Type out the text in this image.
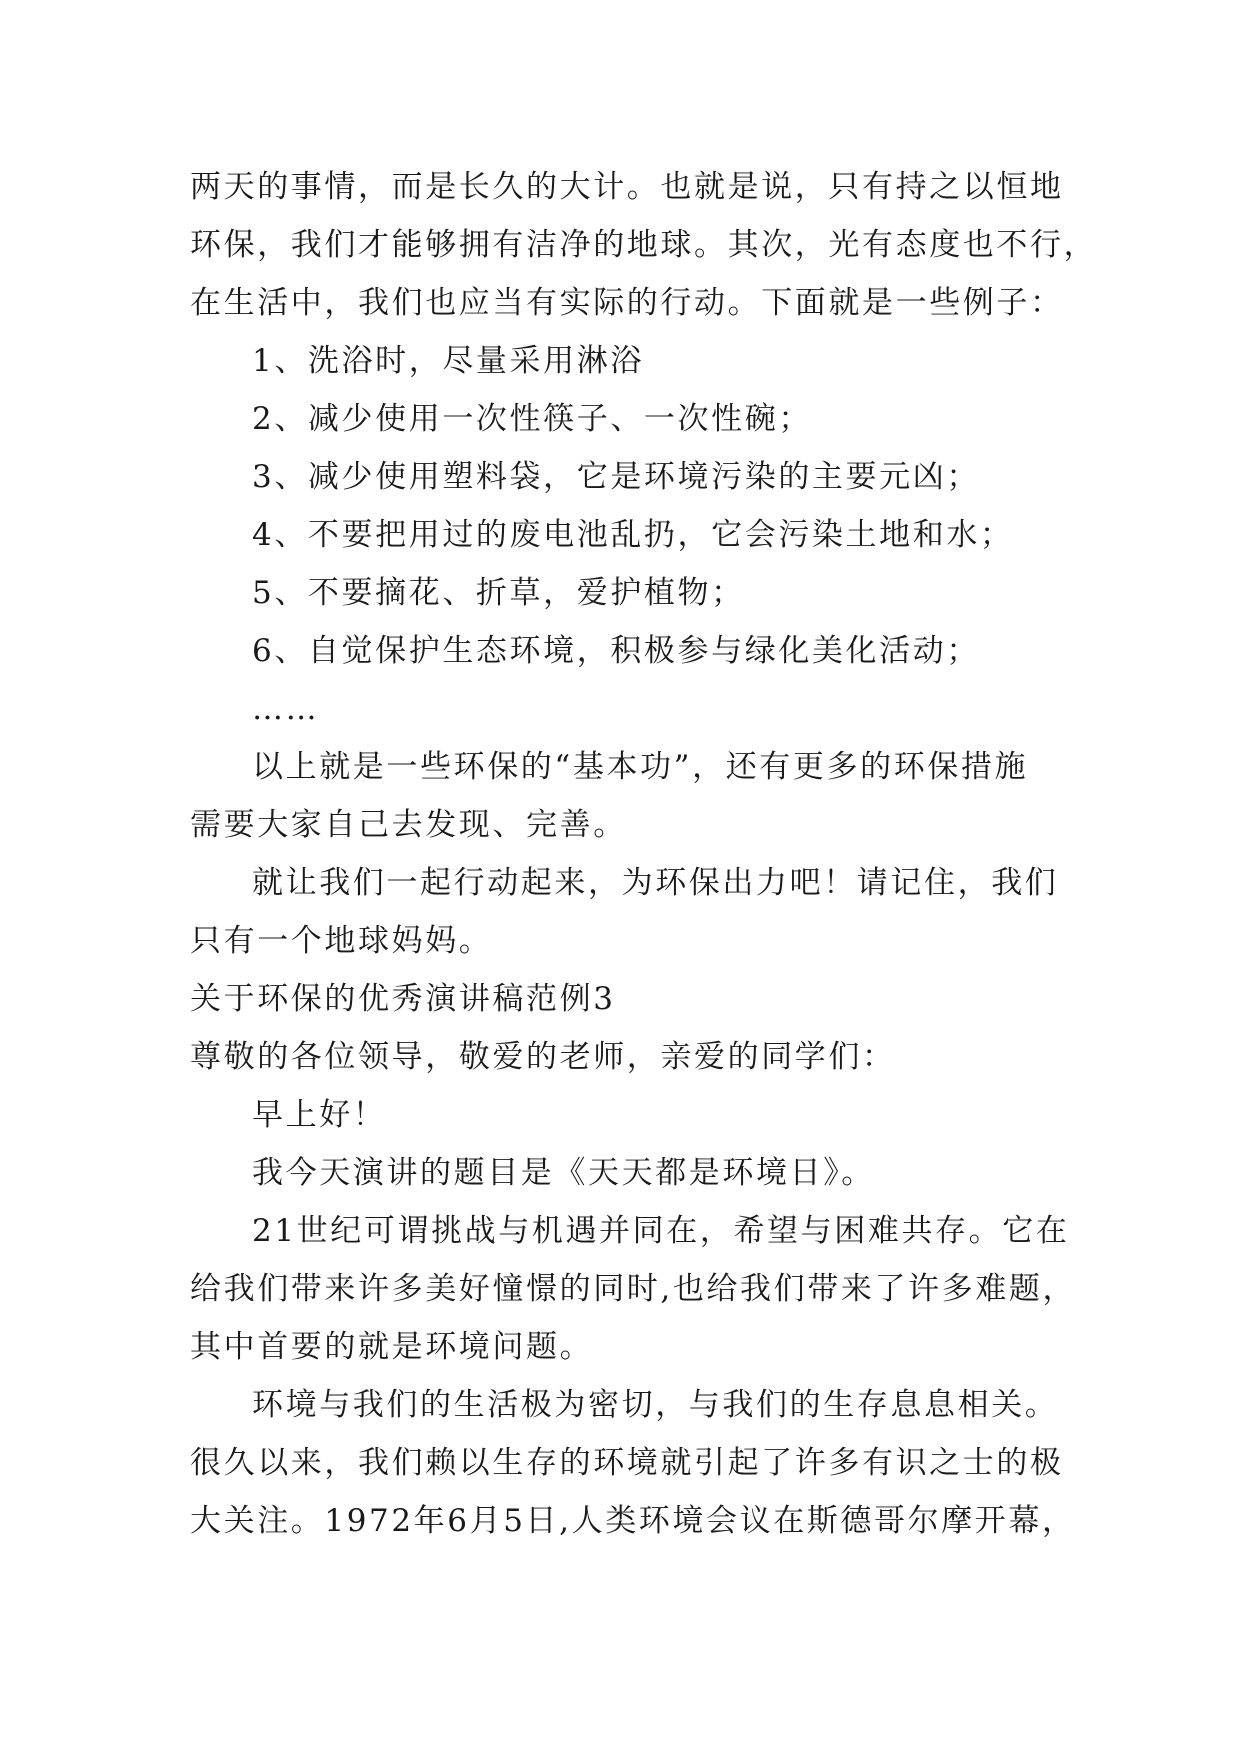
两天的事情，而是长久的大计。也就是说，只有持之以恒地
环保，我们才能够拥有洁净的地球。其次，光有态度也不行，
在生活中，我们也应当有实际的行动。下面就是一些例子：
1、洗浴时，尽量采用淋浴
2、减少使用一次性筷子、一次性碗；
3、减少使用塑料袋，它是环境污染的主要元凶；
4、不要把用过的废电池乱扔，它会污染土地和水；
5、不要摘花、折草，爱护植物；
6、自觉保护生态环境，积极参与绿化美化活动；
……
以上就是一些环保的“基本功”，还有更多的环保措施
需要大家自己去发现、完善。
就让我们一起行动起来，为环保出力吧！请记住，我们
只有一个地球妈妈。
关于环保的优秀演讲稿范例3
尊敬的各位领导，敬爱的老师，亲爱的同学们：
早上好！
我今天演讲的题目是《天天都是环境日》。
21世纪可谓挑战与机遇并同在，希望与困难共存。它在
给我们带来许多美好憧憬的同时,也给我们带来了许多难题，
其中首要的就是环境问题。
环境与我们的生活极为密切，与我们的生存息息相关。
很久以来，我们赖以生存的环境就引起了许多有识之士的极
大关注。1972年6月5日,人类环境会议在斯德哥尔摩开幕，
